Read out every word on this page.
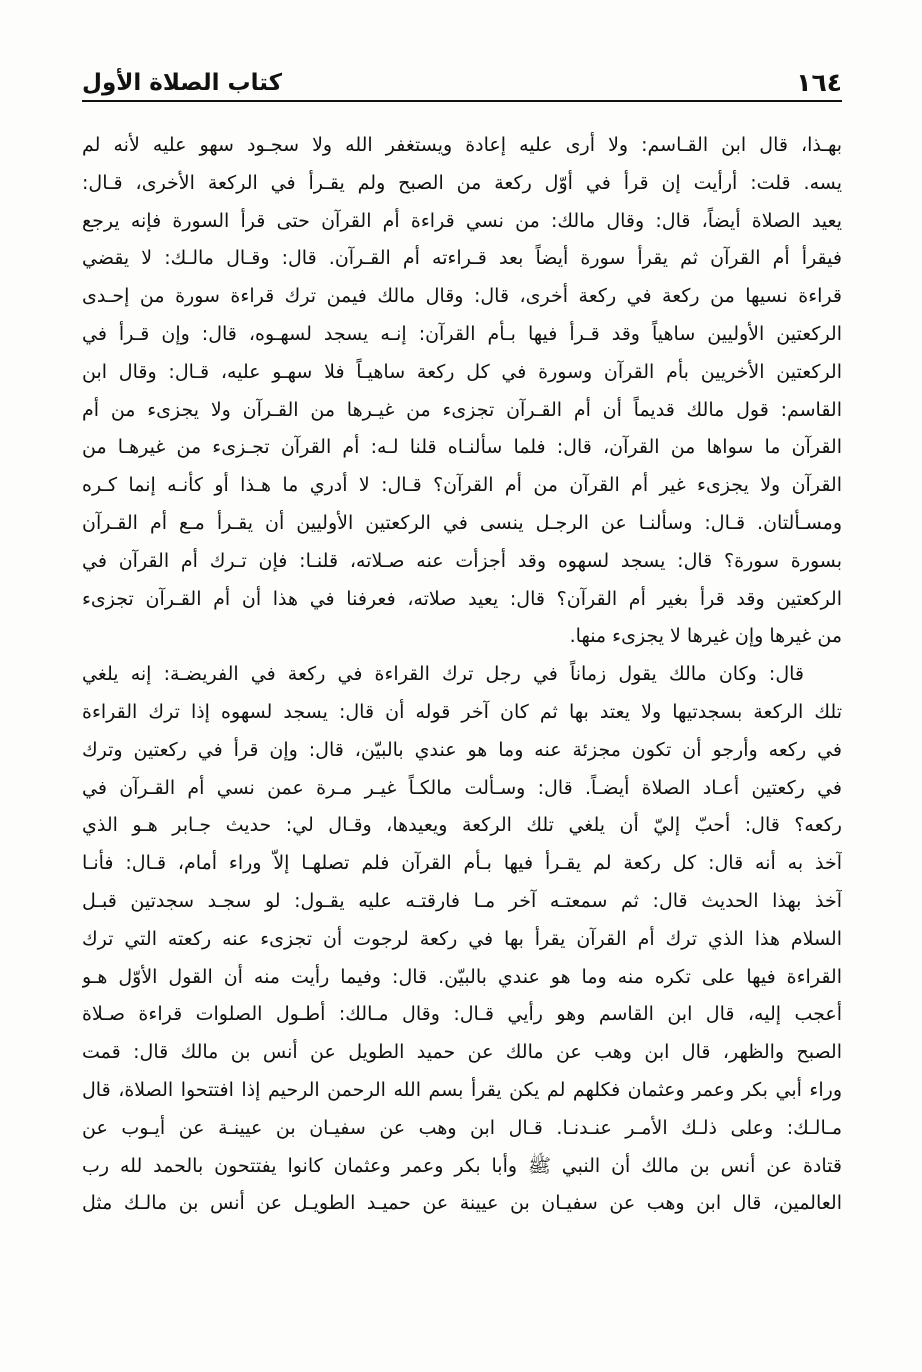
١٦٤
كتاب الصلاة الأول
بهـذا، قال ابن القـاسم: ولا أرى عليه إعادة ويستغفر الله ولا سجـود سهو عليه لأنه لم
يسه. قلت: أرأيت إن قرأ في أوّل ركعة من الصبح ولم يقـرأ في الركعة الأخرى، قـال:
يعيد الصلاة أيضاً، قال: وقال مالك: من نسي قراءة أم القرآن حتى قرأ السورة فإنه يرجع
فيقرأ أم القرآن ثم يقرأ سورة أيضاً بعد قـراءته أم القـرآن. قال: وقـال مالـك: لا يقضي
قراءة نسيها من ركعة في ركعة أخرى، قال: وقال مالك فيمن ترك قراءة سورة من إحـدى
الركعتين الأوليين ساهياً وقد قـرأ فيها بـأم القرآن: إنـه يسجد لسهـوه، قال: وإن قـرأ في
الركعتين الأخريين بأم القرآن وسورة في كل ركعة ساهيـاً فلا سهـو عليه، قـال: وقال ابن
القاسم: قول مالك قديماً أن أم القـرآن تجزىء من غيـرها من القـرآن ولا يجزىء من أم
القرآن ما سواها من القرآن، قال: فلما سألنـاه قلنا لـه: أم القرآن تجـزىء من غيرهـا من
القرآن ولا يجزىء غير أم القرآن من أم القرآن؟ قـال: لا أدري ما هـذا أو كأنـه إنما كـره
ومسـألتان. قـال: وسألنـا عن الرجـل ينسى في الركعتين الأوليين أن يقـرأ مـع أم القـرآن
بسورة سورة؟ قال: يسجد لسهوه وقد أجزأت عنه صـلاته، قلنـا: فإن تـرك أم القرآن في
الركعتين وقد قرأ بغير أم القرآن؟ قال: يعيد صلاته، فعرفنا في هذا أن أم القـرآن تجزىء
من غيرها وإن غيرها لا يجزىء منها.
قال: وكان مالك يقول زماناً في رجل ترك القراءة في ركعة في الفريضـة: إنه يلغي
تلك الركعة بسجدتيها ولا يعتد بها ثم كان آخر قوله أن قال: يسجد لسهوه إذا ترك القراءة
في ركعه وأرجو أن تكون مجزئة عنه وما هو عندي بالبيّن، قال: وإن قرأ في ركعتين وترك
في ركعتين أعـاد الصلاة أيضـاً. قال: وسـألت مالكـاً غيـر مـرة عمن نسي أم القـرآن في
ركعه؟ قال: أحبّ إليّ أن يلغي تلك الركعة ويعيدها، وقـال لي: حديث جـابر هـو الذي
آخذ به أنه قال: كل ركعة لم يقـرأ فيها بـأم القرآن فلم تصلهـا إلاّ وراء أمام، قـال: فأنـا
آخذ بهذا الحديث قال: ثم سمعتـه آخر مـا فارقتـه عليه يقـول: لو سجـد سجدتين قبـل
السلام هذا الذي ترك أم القرآن يقرأ بها في ركعة لرجوت أن تجزىء عنه ركعته التي ترك
القراءة فيها على تكره منه وما هو عندي بالبيّن. قال: وفيما رأيت منه أن القول الأوّل هـو
أعجب إليه، قال ابن القاسم وهو رأيي قـال: وقال مـالك: أطـول الصلوات قراءة صـلاة
الصبح والظهر، قال ابن وهب عن مالك عن حميد الطويل عن أنس بن مالك قال: قمت
وراء أبي بكر وعمر وعثمان فكلهم لم يكن يقرأ بسم الله الرحمن الرحيم إذا افتتحوا الصلاة، قال
مـالـك: وعلى ذلـك الأمـر عنـدنـا. قـال ابن وهب عن سفيـان بن عيينـة عن أيـوب عن
قتادة عن أنس بن مالك أن النبي ﷺ وأبا بكر وعمر وعثمان كانوا يفتتحون بالحمد لله رب
العالمين، قال ابن وهب عن سفيـان بن عيينة عن حميـد الطويـل عن أنس بن مالـك مثل
